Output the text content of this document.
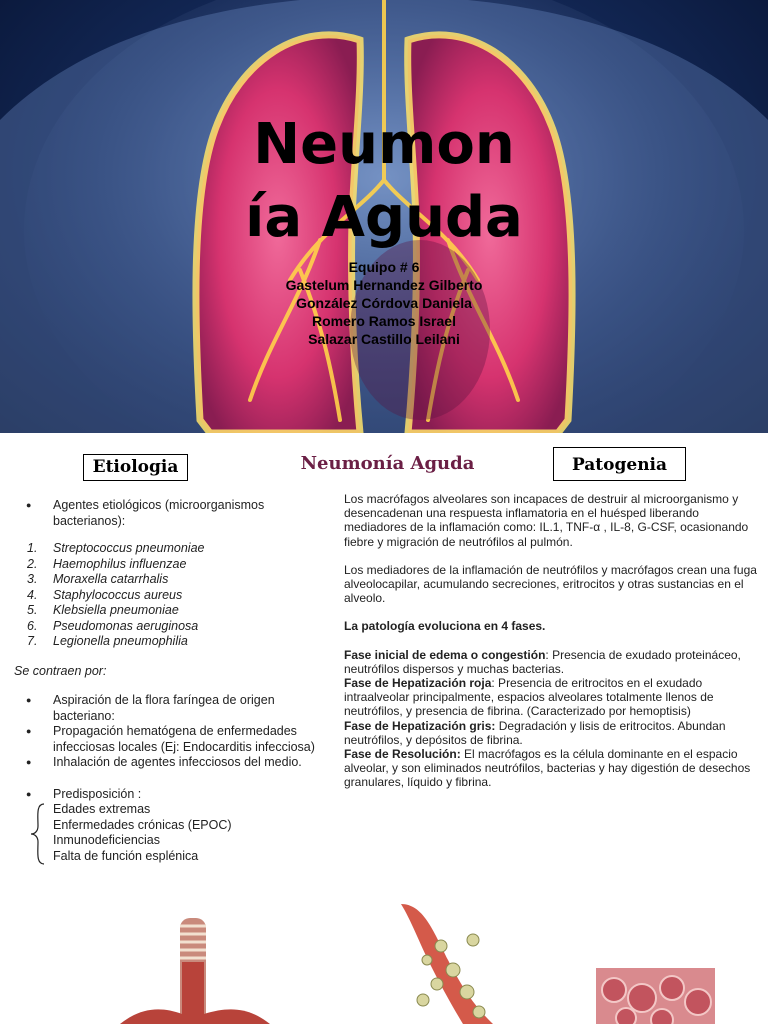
Neumon
ía Aguda
Equipo # 6
Gastelum Hernandez Gilberto
González Córdova Daniela
Romero Ramos Israel
Salazar Castillo Leilani
Etiologia	Neumonía Aguda	Patogenia
● Agentes etiológicos (microorganismos bacterianos):
1. Streptococcus pneumoniae
2. Haemophilus influenzae
3. Moraxella catarrhalis
4. Staphylococcus aureus
5. Klebsiella pneumoniae
6. Pseudomonas aeruginosa
7. Legionella pneumophilia
Se contraen por:
● Aspiración de la flora faríngea de origen bacteriano:
● Propagación hematógena de enfermedades infecciosas locales (Ej: Endocarditis infecciosa)
● Inhalación de agentes infecciosos del medio.
● Predisposición :
Edades extremas
Enfermedades crónicas (EPOC)
Inmunodeficiencias
Falta de función esplénica

Los macrófagos alveolares son incapaces de destruir al microorganismo y desencadenan una respuesta inflamatoria en el huésped liberando mediadores de la inflamación como: IL.1, TNF-α , IL-8, G-CSF, ocasionando fiebre y migración de neutrófilos al pulmón.

Los mediadores de la inflamación de neutrófilos y macrófagos crean una fuga alveolocapilar, acumulando secreciones, eritrocitos y otras sustancias en el alveolo.

La patología evoluciona en 4 fases.

Fase inicial de edema o congestión: Presencia de exudado proteináceo, neutrófilos dispersos y muchas bacterias.

Fase de Hepatización roja: Presencia de eritrocitos en el exudado intraalveolar principalmente, espacios alveolares totalmente llenos de neutrófilos, y presencia de fibrina. (Caracterizado por hemoptisis)

Fase de Hepatización gris: Degradación y lisis de eritrocitos. Abundan neutrófilos, y depósitos de fibrina.

Fase de Resolución: El macrófagos es la célula dominante en el espacio alveolar, y son eliminados neutrófilos, bacterias y hay digestión de desechos granulares, líquido y fibrina.
